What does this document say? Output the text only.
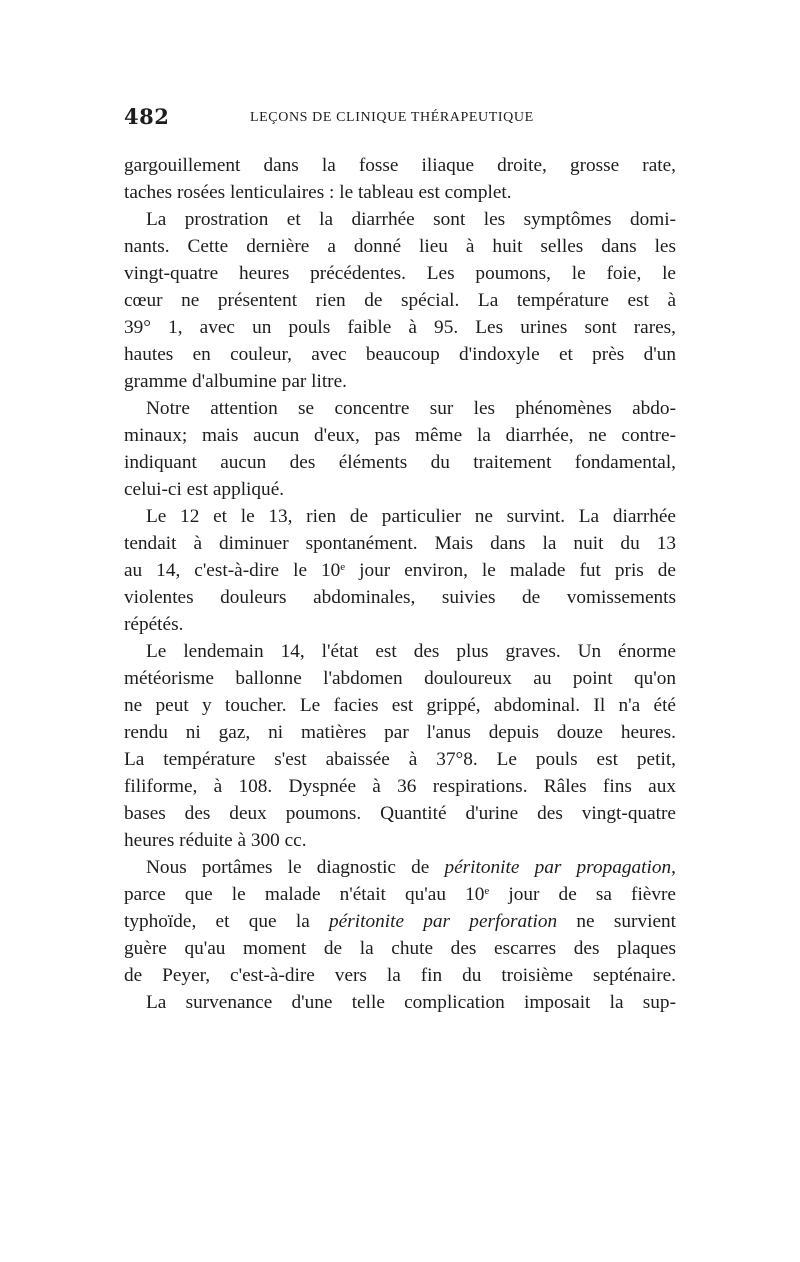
482	LEÇONS DE CLINIQUE THÉRAPEUTIQUE
gargouillement dans la fosse iliaque droite, grosse rate,
taches rosées lenticulaires : le tableau est complet.
La prostration et la diarrhée sont les symptômes domi-
nants. Cette dernière a donné lieu à huit selles dans les
vingt-quatre heures précédentes. Les poumons, le foie, le
cœur ne présentent rien de spécial. La température est à
39° 1, avec un pouls faible à 95. Les urines sont rares,
hautes en couleur, avec beaucoup d'indoxyle et près d'un
gramme d'albumine par litre.
Notre attention se concentre sur les phénomènes abdo-
minaux; mais aucun d'eux, pas même la diarrhée, ne contre-
indiquant aucun des éléments du traitement fondamental,
celui-ci est appliqué.
Le 12 et le 13, rien de particulier ne survint. La diarrhée
tendait à diminuer spontanément. Mais dans la nuit du 13
au 14, c'est-à-dire le 10e jour environ, le malade fut pris de
violentes douleurs abdominales, suivies de vomissements
répétés.
Le lendemain 14, l'état est des plus graves. Un énorme
météorisme ballonne l'abdomen douloureux au point qu'on
ne peut y toucher. Le facies est grippé, abdominal. Il n'a été
rendu ni gaz, ni matières par l'anus depuis douze heures.
La température s'est abaissée à 37°8. Le pouls est petit,
filiforme, à 108. Dyspnée à 36 respirations. Râles fins aux
bases des deux poumons. Quantité d'urine des vingt-quatre
heures réduite à 300 cc.
Nous portâmes le diagnostic de péritonite par propagation,
parce que le malade n'était qu'au 10e jour de sa fièvre
typhoïde, et que la péritonite par perforation ne survient
guère qu'au moment de la chute des escarres des plaques
de Peyer, c'est-à-dire vers la fin du troisième septénaire.
La survenance d'une telle complication imposait la sup-
